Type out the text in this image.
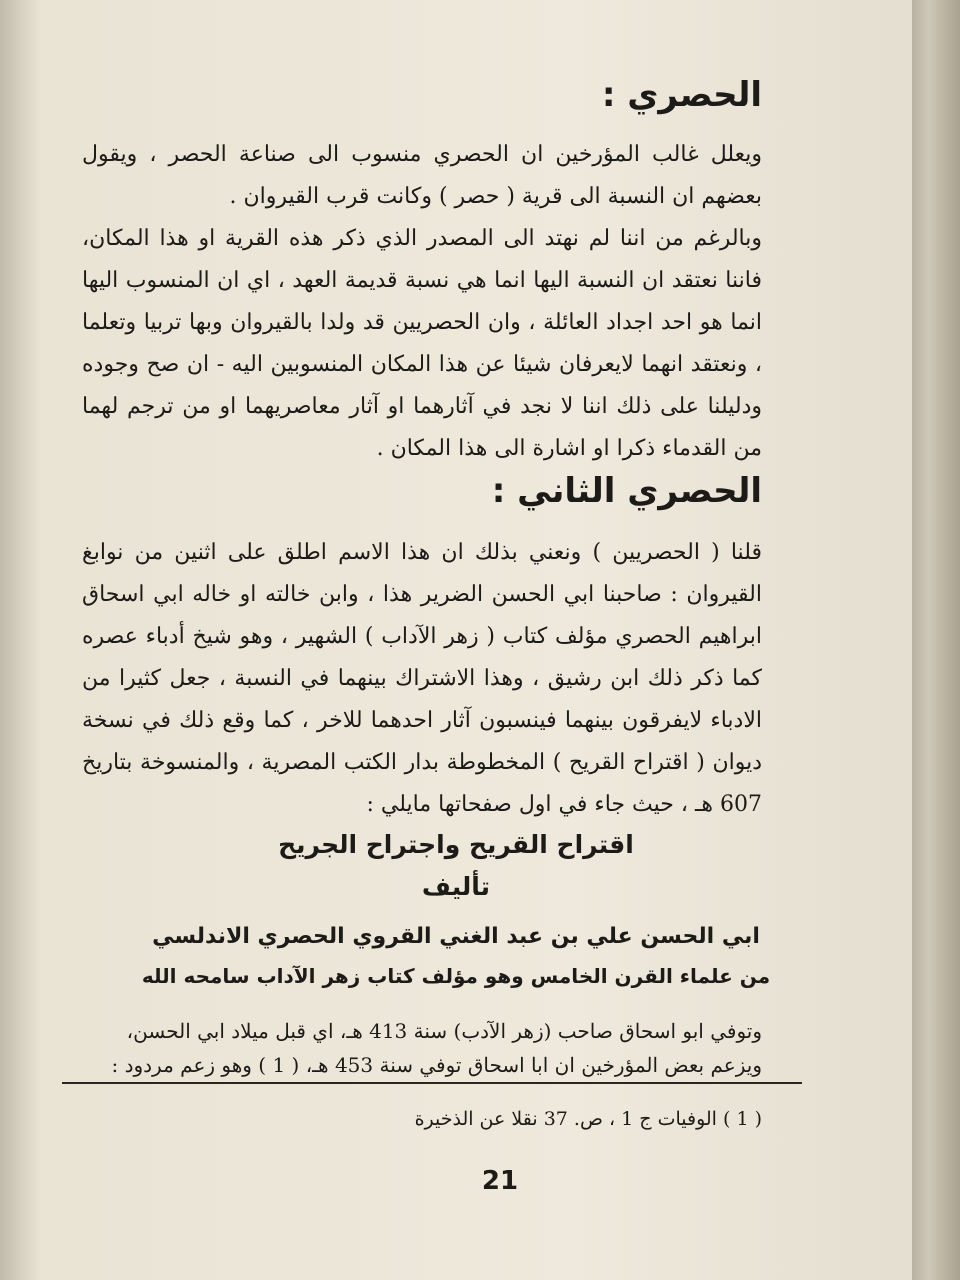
الحصري :

ويعلل غالب المؤرخين ان الحصري منسوب الى صناعة الحصر ، ويقول بعضهم ان النسبة الى قرية ( حصر ) وكانت قرب القيروان .

وبالرغم من اننا لم نهتد الى المصدر الذي ذكر هذه القرية او هذا المكان، فاننا نعتقد ان النسبة اليها انما هي نسبة قديمة العهد ، اي ان المنسوب اليها انما هو احد اجداد العائلة ، وان الحصريين قد ولدا بالقيروان وبها تربيا وتعلما ، ونعتقد انهما لايعرفان شيئا عن هذا المكان المنسوبين اليه - ان صح وجوده ودليلنا على ذلك اننا لا نجد في آثارهما او آثار معاصريهما او من ترجم لهما من القدماء ذكرا او اشارة الى هذا المكان .

الحصري الثاني :

قلنا ( الحصريين ) ونعني بذلك ان هذا الاسم اطلق على اثنين من نوابغ القيروان : صاحبنا ابي الحسن الضرير هذا ، وابن خالته او خاله ابي اسحاق ابراهيم الحصري مؤلف كتاب ( زهر الآداب ) الشهير ، وهو شيخ أدباء عصره كما ذكر ذلك ابن رشيق ، وهذا الاشتراك بينهما في النسبة ، جعل كثيرا من الادباء لايفرقون بينهما فينسبون آثار احدهما للاخر ، كما وقع ذلك في نسخة ديوان ( اقتراح القريح ) المخطوطة بدار الكتب المصرية ، والمنسوخة بتاريخ 607 هـ ، حيث جاء في اول صفحاتها مايلي :

اقتراح القريح واجتراح الجريح
تأليف
ابي الحسن علي بن عبد الغني القروي الحصري الاندلسي
من علماء القرن الخامس وهو مؤلف كتاب زهر الآداب سامحه الله
وتوفي ابو اسحاق صاحب (زهر الآدب) سنة 413 هـ، اي قبل ميلاد ابي الحسن،
ويزعم بعض المؤرخين ان ابا اسحاق توفي سنة 453 هـ، ( 1 ) وهو زعم مردود :
( 1 ) الوفيات ج 1 ، ص. 37 نقلا عن الذخيرة
21
